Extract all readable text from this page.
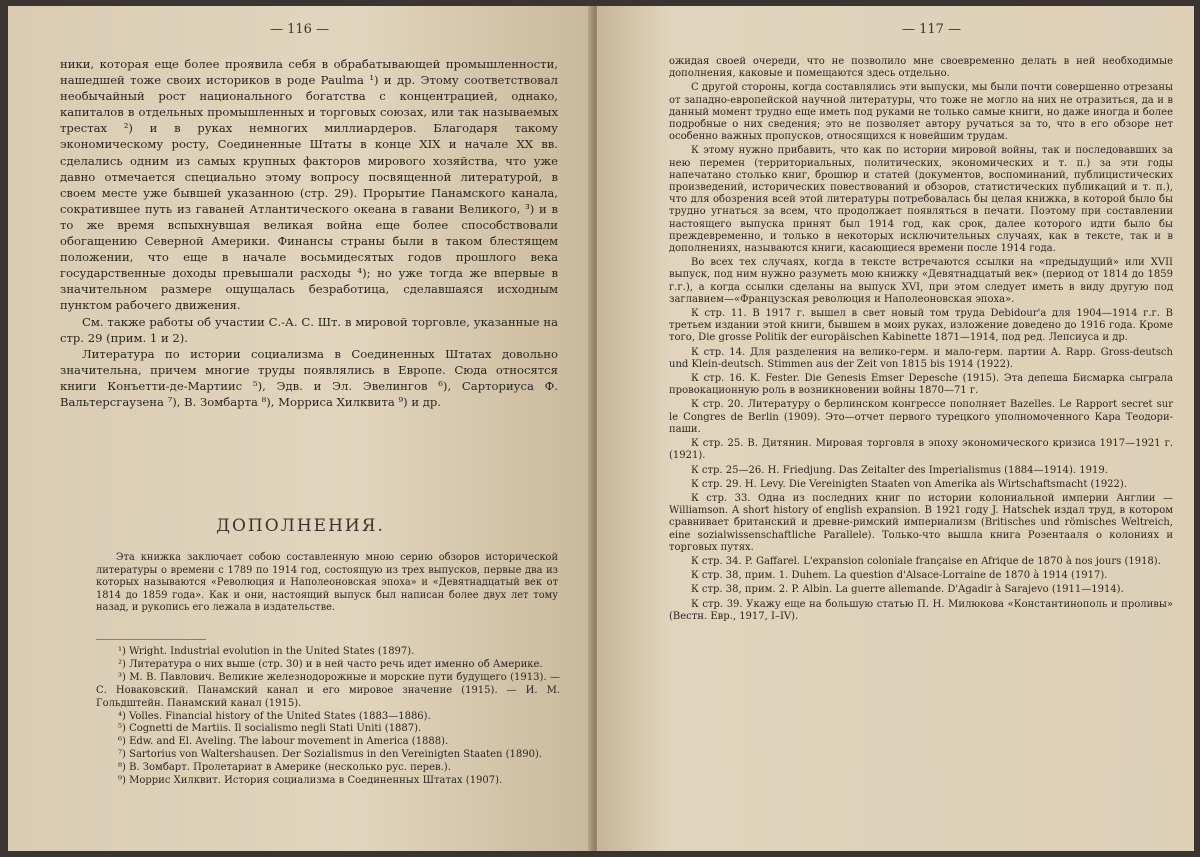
— 116 —

ники, которая еще более проявила себя в обрабатывающей промышленности, нашедшей тоже своих историков в роде Paulma ¹) и др. Этому соответствовал необычайный рост национального богатства с концентрацией, однако, капиталов в отдельных промышленных и торговых союзах, или так называемых трестах ²) и в руках немногих миллиардеров. Благодаря такому экономическому росту, Соединенные Штаты в конце XIX и начале XX вв. сделались одним из самых крупных факторов мирового хозяйства, что уже давно отмечается специально этому вопросу посвященной литературой, в своем месте уже бывшей указанною (стр. 29). Прорытие Панамского канала, сократившее путь из гаваней Атлантического океана в гавани Великого, ³) и в то же время вспыхнувшая великая война еще более способствовали обогащению Северной Америки. Финансы страны были в таком блестящем положении, что еще в начале восьмидесятых годов прошлого века государственные доходы превышали расходы ⁴); но уже тогда же впервые в значительном размере ощущалась безработица, сделавшаяся исходным пунктом рабочего движения.

См. также работы об участии С.-А. С. Шт. в мировой торговле, указанные на стр. 29 (прим. 1 и 2).

Литература по истории социализма в Соединенных Штатах довольно значительна, причем многие труды появлялись в Европе. Сюда относятся книги Конъетти-де-Мартиис ⁵), Эдв. и Эл. Эвелингов ⁶), Сарториуса Ф. Вальтерсгаузена ⁷), В. Зомбарта ⁸), Морриса Хилквита ⁹) и др.

ДОПОЛНЕНИЯ.

Эта книжка заключает собою составленную мною серию обзоров исторической литературы о времени с 1789 по 1914 год, состоящую из трех выпусков, первые два из которых называются «Революция и Наполеоновская эпоха» и «Девятнадцатый век от 1814 до 1859 года». Как и они, настоящий выпуск был написан более двух лет тому назад, и рукопись его лежала в издательстве.

¹) Wright. Industrial evolution in the United States (1897).

²) Литература о них выше (стр. 30) и в ней часто речь идет именно об Америке.

³) М. В. Павлович. Великие железнодорожные и морские пути будущего (1913). — С. Новаковский. Панамский канал и его мировое значение (1915). — И. М. Гольдштейн. Панамский канал (1915).

⁴) Volles. Financial history of the United States (1883—1886).

⁵) Cognetti de Martiis. Il socialismo negli Stati Uniti (1887).

⁶) Edw. and El. Aveling. The labour movement in America (1888).

⁷) Sartorius von Waltershausen. Der Sozialismus in den Vereinigten Staaten (1890).

⁸) В. Зомбарт. Пролетариат в Америке (несколько рус. перев.).

⁹) Моррис Хилквит. История социализма в Соединенных Штатах (1907).

— 117 —

ожидая своей очереди, что не позволило мне своевременно делать в ней необходимые дополнения, каковые и помещаются здесь отдельно.

С другой стороны, когда составлялись эти выпуски, мы были почти совершенно отрезаны от западно-европейской научной литературы, что тоже не могло на них не отразиться, да и в данный момент трудно еще иметь под руками не только самые книги, но даже иногда и более подробные о них сведения; это не позволяет автору ручаться за то, что в его обзоре нет особенно важных пропусков, относящихся к новейшим трудам.

К этому нужно прибавить, что как по истории мировой войны, так и последовавших за нею перемен (территориальных, политических, экономических и т. п.) за эти годы напечатано столько книг, брошюр и статей (документов, воспоминаний, публицистических произведений, исторических повествований и обзоров, статистических публикаций и т. п.), что для обозрения всей этой литературы потребовалась бы целая книжка, в которой было бы трудно угнаться за всем, что продолжает появляться в печати. Поэтому при составлении настоящего выпуска принят был 1914 год, как срок, далее которого идти было бы преждевременно, и только в некоторых исключительных случаях, как в тексте, так и в дополнениях, называются книги, касающиеся времени после 1914 года.

Во всех тех случаях, когда в тексте встречаются ссылки на «предыдущий» или XVII выпуск, под ним нужно разуметь мою книжку «Девятнадцатый век» (период от 1814 до 1859 г.г.), а когда ссылки сделаны на выпуск XVI, при этом следует иметь в виду другую под заглавием—«Французская революция и Наполеоновская эпоха».

К стр. 11. В 1917 г. вышел в свет новый том труда Debidour'a для 1904—1914 г.г. В третьем издании этой книги, бывшем в моих руках, изложение доведено до 1916 года. Кроме того, Die grosse Politik der europäischen Kabinette 1871—1914, под ред. Лепсиуса и др.

К стр. 14. Для разделения на велико-герм. и мало-герм. партии A. Rapp. Gross-deutsch und Klein-deutsch. Stimmen aus der Zeit von 1815 bis 1914 (1922).

К стр. 16. K. Fester. Die Genesis Emser Depesche (1915). Эта депеша Бисмарка сыграла провокационную роль в возникновении войны 1870—71 г.

К стр. 20. Литературу о берлинском конгрессе пополняет Bazelles. Le Rapport secret sur le Congres de Berlin (1909). Это—отчет первого турецкого уполномоченного Кара Теодори-паши.

К стр. 25. В. Дитянин. Мировая торговля в эпоху экономического кризиса 1917—1921 г. (1921).

К стр. 25—26. H. Friedjung. Das Zeitalter des Imperialismus (1884—1914). 1919.

К стр. 29. H. Levy. Die Vereinigten Staaten von Amerika als Wirtschaftsmacht (1922).

К стр. 33. Одна из последних книг по истории колониальной империи Англии — Williamson. A short history of english expansion. В 1921 году J. Hatschek издал труд, в котором сравнивает британский и древне-римский империализм (Britisches und römisches Weltreich, eine sozialwissenschaftliche Parallele). Только-что вышла книга Розентааля о колониях и торговых путях.

К стр. 34. P. Gaffarel. L'expansion coloniale française en Afrique de 1870 à nos jours (1918).

К стр. 38, прим. 1. Duhem. La question d'Alsace-Lorraine de 1870 à 1914 (1917).

К стр. 38, прим. 2. P. Albin. La guerre allemande. D'Agadir à Sarajevo (1911—1914).

К стр. 39. Укажу еще на большую статью П. Н. Милюкова «Константинополь и проливы» (Вестн. Евр., 1917, I–IV).
